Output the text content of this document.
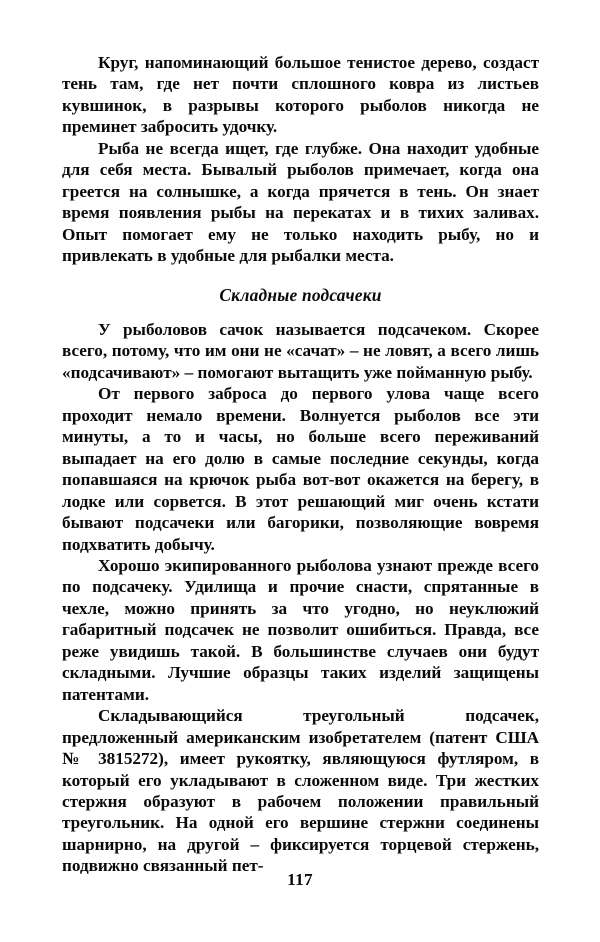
Круг, напоминающий большое тенистое дерево, создаст тень там, где нет почти сплошного ковра из листьев кувшинок, в разрывы которого рыболов никогда не преминет забросить удочку.

Рыба не всегда ищет, где глубже. Она находит удобные для себя места. Бывалый рыболов примечает, когда она греется на солнышке, а когда прячется в тень. Он знает время появления рыбы на перекатах и в тихих заливах. Опыт помогает ему не только находить рыбу, но и привлекать в удобные для рыбалки места.

Складные подсачеки

У рыболовов сачок называется подсачеком. Скорее всего, потому, что им они не «сачат» – не ловят, а всего лишь «подсачивают» – помогают вытащить уже пойманную рыбу.

От первого заброса до первого улова чаще всего проходит немало времени. Волнуется рыболов все эти минуты, а то и часы, но больше всего переживаний выпадает на его долю в самые последние секунды, когда попавшаяся на крючок рыба вот-вот окажется на берегу, в лодке или сорвется. В этот решающий миг очень кстати бывают подсачеки или багорики, позволяющие вовремя подхватить добычу.

Хорошо экипированного рыболова узнают прежде всего по подсачеку. Удилища и прочие снасти, спрятанные в чехле, можно принять за что угодно, но неуклюжий габаритный подсачек не позволит ошибиться. Правда, все реже увидишь такой. В большинстве случаев они будут складными. Лучшие образцы таких изделий защищены патентами.

Складывающийся треугольный подсачек, предложенный американским изобретателем (патент США № 3815272), имеет рукоятку, являющуюся футляром, в который его укладывают в сложенном виде. Три жестких стержня образуют в рабочем положении правильный треугольник. На одной его вершине стержни соединены шарнирно, на другой – фиксируется торцевой стержень, подвижно связанный пет-

117
